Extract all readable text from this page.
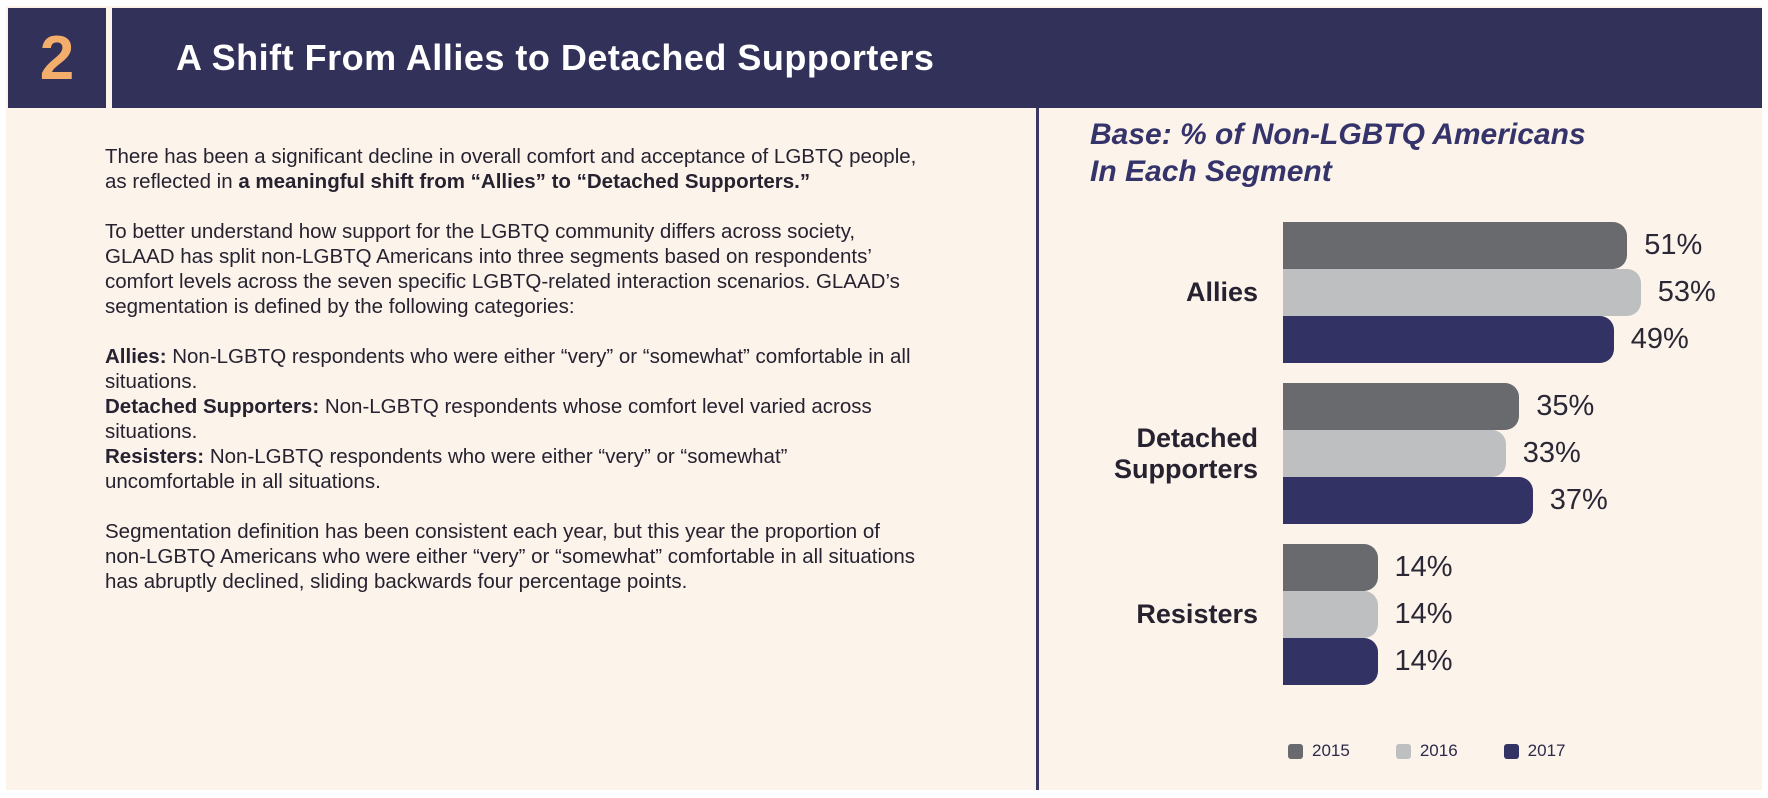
2	A Shift From Allies to Detached Supporters

There has been a significant decline in overall comfort and acceptance of LGBTQ people, as reflected in a meaningful shift from “Allies” to “Detached Supporters.”

To better understand how support for the LGBTQ community differs across society, GLAAD has split non-LGBTQ Americans into three segments based on respondents’ comfort levels across the seven specific LGBTQ-related interaction scenarios. GLAAD’s segmentation is defined by the following categories:

Allies: Non-LGBTQ respondents who were either “very” or “somewhat” comfortable in all situations.
Detached Supporters: Non-LGBTQ respondents whose comfort level varied across situations.
Resisters: Non-LGBTQ respondents who were either “very” or “somewhat” uncomfortable in all situations.

Segmentation definition has been consistent each year, but this year the proportion of non-LGBTQ Americans who were either “very” or “somewhat” comfortable in all situations has abruptly declined, sliding backwards four percentage points.

Base: % of Non-LGBTQ Americans
In Each Segment
Allies
51%
53%
49%
Detached Supporters
35%
33%
37%
Resisters
14%
14%
14%
2015	2016	2017
